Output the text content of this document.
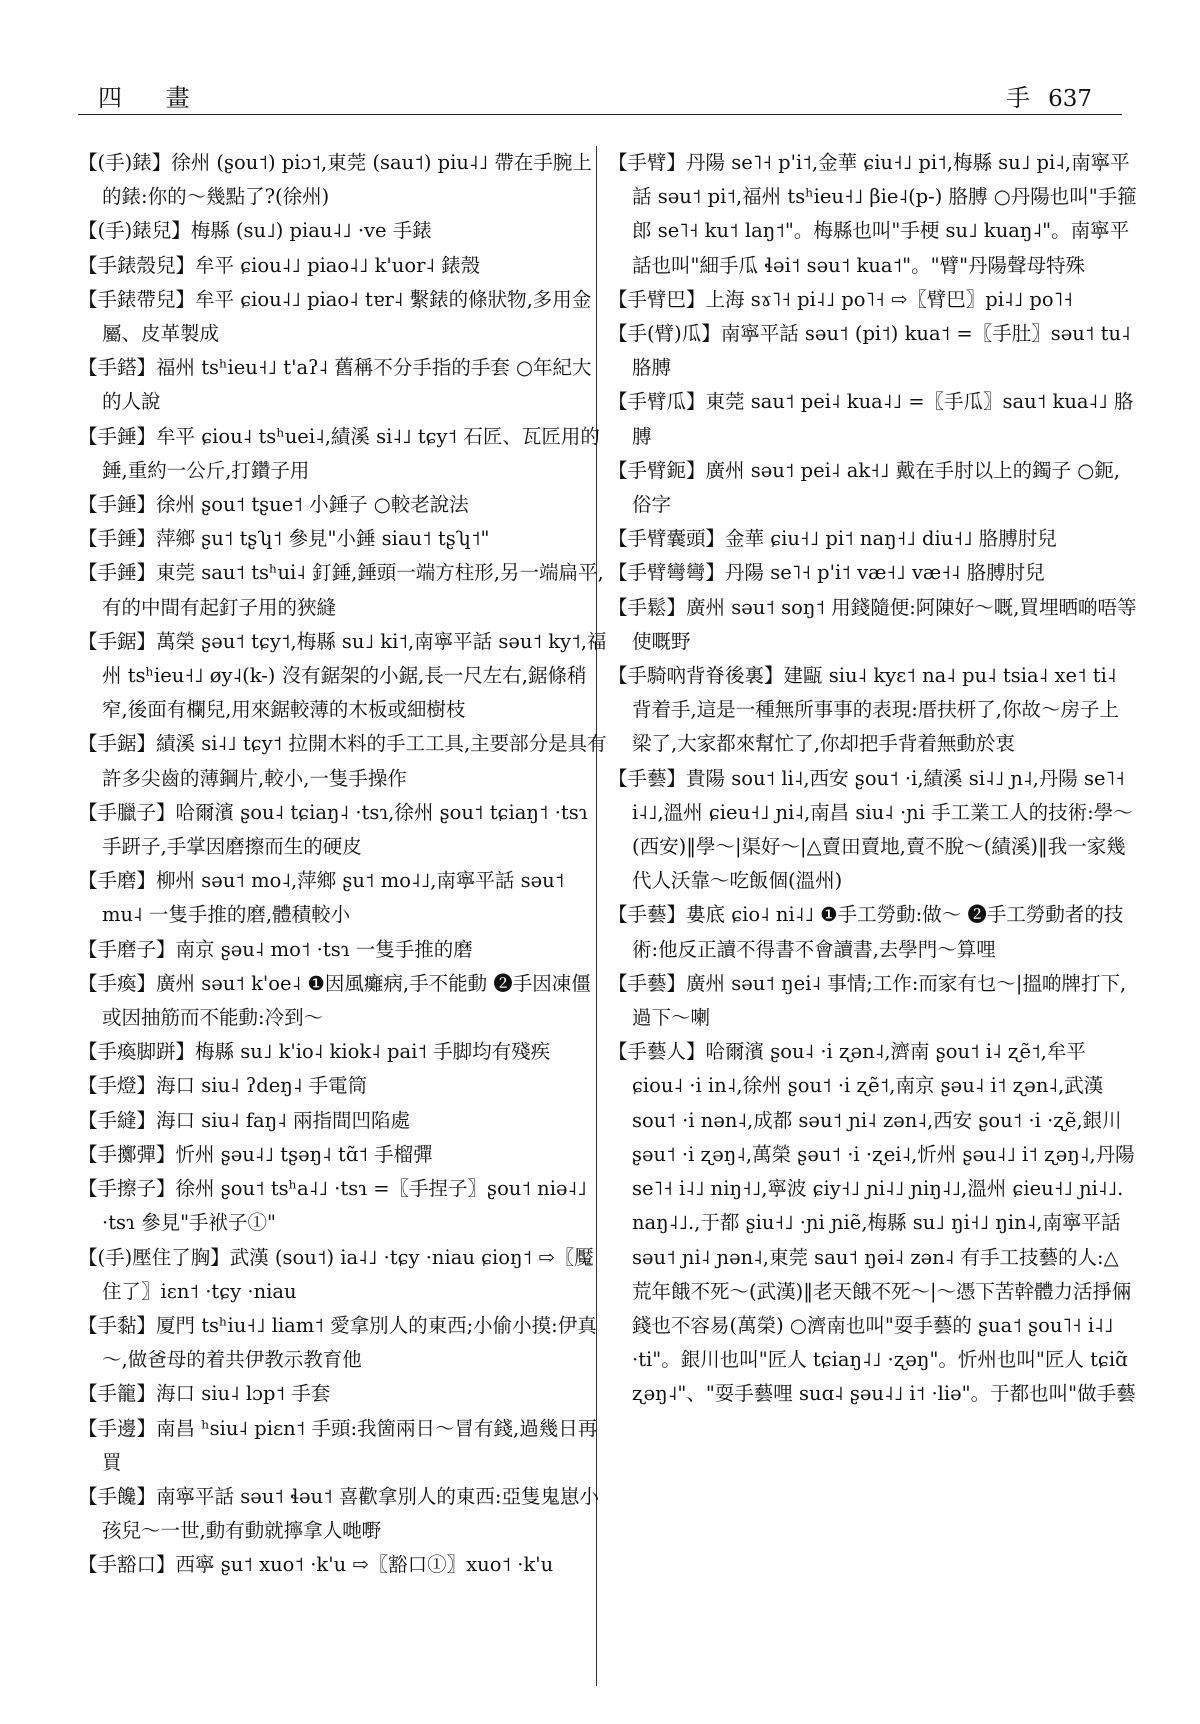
四 畫	手 637

【(手)錶】徐州 (ʂou˦) piɔ˦,東莞 (sau˦) piu˨˩ 帶在手腕上的錶:你的～幾點了?(徐州)

【(手)錶兒】梅縣 (su˩) piau˨˩ ·ve 手錶

【手錶殼兒】牟平 ɕiou˨˩ piao˨˩ k'uor˨ 錶殼

【手錶帶兒】牟平 ɕiou˨˩ piao˨ tɐr˨ 繫錶的條狀物,多用金屬、皮革製成

【手鎝】福州 tsʰieu˧˩ t'aʔ˨ 舊稱不分手指的手套 ○年紀大的人說

【手錘】牟平 ɕiou˨ tsʰuei˨,績溪 si˨˩ tɕy˦ 石匠、瓦匠用的錘,重約一公斤,打鑽子用

【手錘】徐州 ʂou˦ tʂue˦ 小錘子 ○較老說法

【手錘】萍鄉 ʂu˦ tʂʮ˦ 參見"小錘 siau˦ tʂʮ˦"

【手錘】東莞 sau˦ tsʰui˨ 釘錘,錘頭一端方柱形,另一端扁平,有的中間有起釘子用的狹縫

【手鋸】萬榮 ʂəu˦ tɕy˦,梅縣 su˩ ki˦,南寧平話 səu˦ ky˦,福州 tsʰieu˧˩ øy˨(k-) 沒有鋸架的小鋸,長一尺左右,鋸條稍窄,後面有欄兒,用來鋸較薄的木板或細樹枝

【手鋸】績溪 si˨˩ tɕy˦ 拉開木料的手工工具,主要部分是具有許多尖齒的薄鋼片,較小,一隻手操作

【手臘子】哈爾濱 ʂou˨ tɕiaŋ˨ ·tsɿ,徐州 ʂou˦ tɕiaŋ˦ ·tsɿ 手趼子,手掌因磨擦而生的硬皮

【手磨】柳州 səu˦ mo˨,萍鄉 ʂu˦ mo˨˩,南寧平話 səu˦ mu˨ 一隻手推的磨,體積較小

【手磨子】南京 ʂəu˨ mo˦ ·tsɿ 一隻手推的磨

【手瘓】廣州 səu˦ k'oe˨ ❶因風癱病,手不能動 ❷手因凍僵或因抽筋而不能動:冷到～

【手瘓脚跰】梅縣 su˩ k'io˨ kiok˨ pai˦ 手脚均有殘疾

【手燈】海口 siu˨ ʔdeŋ˨ 手電筒

【手縫】海口 siu˨ faŋ˨ 兩指間凹陷處

【手擲彈】忻州 ʂəu˨˩ tʂəŋ˨ tɑ̃˦ 手榴彈

【手擦子】徐州 ʂou˦ tsʰa˨˩ ·tsɿ =〖手捏子〗ʂou˦ niə˨˩ ·tsɿ 參見"手袱子①"

【(手)壓住了胸】武漢 (sou˦) ia˨˩ ·tɕy ·niau ɕioŋ˦ ⇨〖魘住了〗iɛn˦ ·tɕy ·niau

【手黏】厦門 tsʰiu˧˩ liam˦ 愛拿別人的東西;小偷小摸:伊真～,做爸母的着共伊教示教育他

【手籠】海口 siu˨ lɔp˦ 手套

【手邊】南昌 ʰsiu˨ piɛn˦ 手頭:我箇兩日～冒有錢,過幾日再買

【手饞】南寧平話 səu˦ ɬəu˦ 喜歡拿別人的東西:亞隻鬼崽小孩兒～一世,動有動就擰拿人哋嘢

【手豁口】西寧 ʂu˦ xuo˦ ·k'u ⇨〖豁口①〗xuo˦ ·k'u

【手臂】丹陽 se˥˧ p'i˦,金華 ɕiu˧˩ pi˦,梅縣 su˩ pi˨,南寧平話 səu˦ pi˦,福州 tsʰieu˧˩ βie˨(p-) 胳膊 ○丹陽也叫"手箍郎 se˥˧ ku˦ laŋ˦"。梅縣也叫"手梗 su˩ kuaŋ˨"。南寧平話也叫"細手瓜 ɬəi˦ səu˦ kua˦"。"臂"丹陽聲母特殊

【手臂巴】上海 sɤ˥˧ pi˨˩ po˥˧ ⇨〖臂巴〗pi˨˩ po˥˧

【手(臂)瓜】南寧平話 səu˦ (pi˦) kua˦ =〖手肚〗səu˦ tu˨ 胳膊

【手臂瓜】東莞 sau˦ pei˨ kua˨˩ =〖手瓜〗sau˦ kua˨˩ 胳膊

【手臂鈪】廣州 səu˦ pei˨ ak˧˩ 戴在手肘以上的鐲子 ○鈪,俗字

【手臂囊頭】金華 ɕiu˧˩ pi˦ naŋ˧˩ diu˧˩ 胳膊肘兒

【手臂彎彎】丹陽 se˥˧ p'i˦ væ˧˩ væ˧˨ 胳膊肘兒

【手鬆】廣州 səu˦ soŋ˦ 用錢隨便:阿陳好～嘅,買埋晒啲唔等使嘅野

【手騎吶背脊後裏】建甌 siu˨ kyɛ˦ na˨ pu˨ tsia˨ xe˦ ti˨ 背着手,這是一種無所事事的表現:厝扶枅了,你故～房子上梁了,大家都來幫忙了,你却把手背着無動於衷

【手藝】貴陽 sou˦ li˨,西安 ʂou˦ ·i,績溪 si˨˩ ɲ˨,丹陽 se˥˧ i˨˩,溫州 ɕieu˧˩ ɲi˨,南昌 siu˨ ·ɲi 手工業工人的技術:學～(西安)‖學～|渠好～|△賣田賣地,賣不脫～(績溪)‖我一家幾代人沃靠～吃飯個(溫州)

【手藝】婁底 ɕio˨ ni˨˩ ❶手工勞動:做～ ❷手工勞動者的技術:他反正讀不得書不會讀書,去學門～算哩

【手藝】廣州 səu˦ ŋei˨ 事情;工作:而家有乜～|搵啲牌打下,過下～喇

【手藝人】哈爾濱 ʂou˨ ·i ʐən˨,濟南 ʂou˦ i˨ ʐẽ˦,牟平 ɕiou˨ ·i in˨,徐州 ʂou˦ ·i ʐẽ˦,南京 ʂəu˨ i˦ ʐən˨,武漢 sou˦ ·i nən˨,成都 səu˦ ɲi˨ zən˨,西安 ʂou˦ ·i ·ʐẽ,銀川 ʂəu˦ ·i ʐəŋ˨,萬榮 ʂəu˦ ·i ·ʐei˨,忻州 ʂəu˨˩ i˦ ʐəŋ˨,丹陽 se˥˧ i˨˩ niŋ˧˩,寧波 ɕiy˧˩ ɲi˨˩ ɲiŋ˨˩,溫州 ɕieu˧˩ ɲi˨˩. naŋ˨˩.,于都 ʂiu˧˩ ·ɲi ɲiẽ,梅縣 su˩ ŋi˧˩ ŋin˨,南寧平話 səu˦ ɲi˨ ɲən˨,東莞 sau˦ ŋəi˨ zən˨ 有手工技藝的人:△荒年餓不死～(武漢)‖老天餓不死～|～憑下苦幹體力活掙倆錢也不容易(萬榮) ○濟南也叫"耍手藝的 ʂua˦ ʂou˥˧ i˨˩ ·ti"。銀川也叫"匠人 tɕiaŋ˨˩ ·ʐəŋ"。忻州也叫"匠人 tɕiɑ̃ ʐəŋ˨"、"耍手藝哩 suɑ˨ ʂəu˨˩ i˦ ·liə"。于都也叫"做手藝
